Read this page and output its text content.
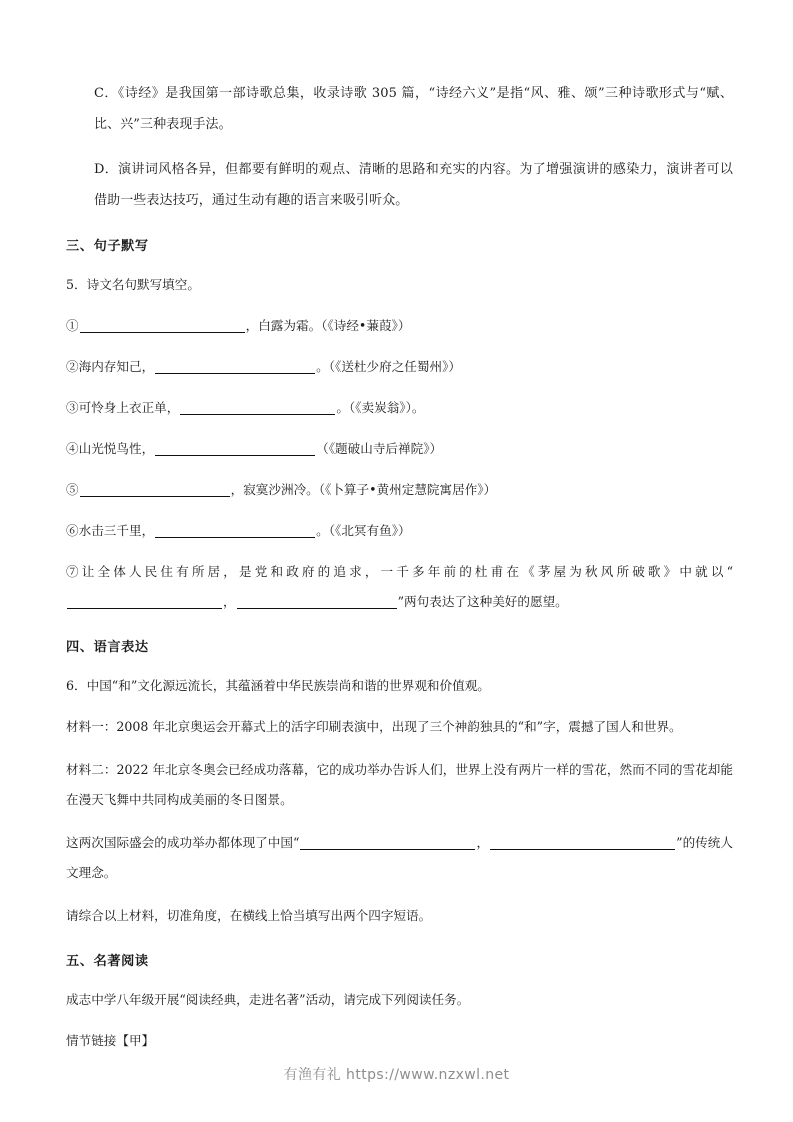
C．《诗经》是我国第一部诗歌总集，收录诗歌 305 篇，“诗经六义”是指“风、雅、颂”三种诗歌形式与“赋、比、兴”三种表现手法。

D．演讲词风格各异，但都要有鲜明的观点、清晰的思路和充实的内容。为了增强演讲的感染力，演讲者可以借助一些表达技巧，通过生动有趣的语言来吸引听众。

三、句子默写
5．诗文名句默写填空。
①	，白露为霜。（《诗经•蒹葭》）
②海内存知己，	。（《送杜少府之任蜀州》）
③可怜身上衣正单，	。（《卖炭翁》）。
④山光悦鸟性，	（《题破山寺后禅院》）
⑤	，寂寞沙洲冷。（《卜算子•黄州定慧院寓居作》）
⑥水击三千里，	。（《北冥有鱼》）
⑦让全体人民住有所居，是党和政府的追求，一千多年前的杜甫在《茅屋为秋风所破歌》中就以“，	”两句表达了这种美好的愿望。
四、语言表达
6．中国“和”文化源远流长，其蕴涵着中华民族崇尚和谐的世界观和价值观。
材料一：2008 年北京奥运会开幕式上的活字印刷表演中，出现了三个神韵独具的“和”字，震撼了国人和世界。
材料二：2022 年北京冬奥会已经成功落幕，它的成功举办告诉人们，世界上没有两片一样的雪花，然而不同的雪花却能在漫天飞舞中共同构成美丽的冬日图景。
这两次国际盛会的成功举办都体现了中国“	，	”的传统人文理念。
请综合以上材料，切准角度，在横线上恰当填写出两个四字短语。
五、名著阅读
成志中学八年级开展“阅读经典，走进名著”活动，请完成下列阅读任务。
情节链接【甲】
有渔有礼 https://www.nzxwl.net
